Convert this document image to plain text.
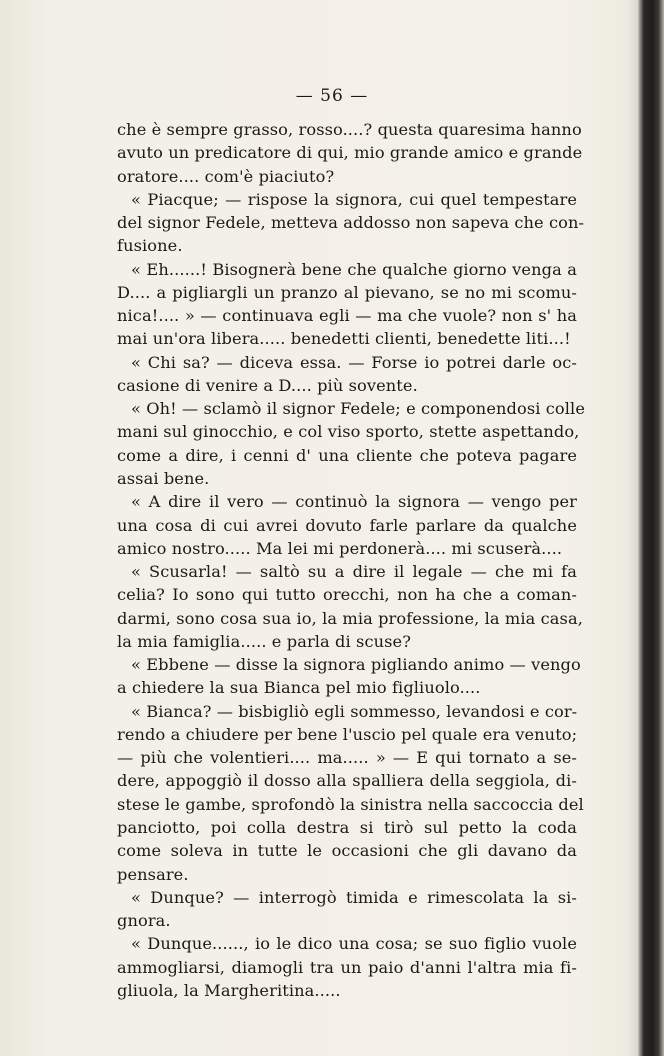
— 56 —
che è sempre grasso, rosso....? questa quaresima hanno
avuto un predicatore di qui, mio grande amico e grande
oratore.... com'è piaciuto?
« Piacque; — rispose la signora, cui quel tempestare
del signor Fedele, metteva addosso non sapeva che con-
fusione.
« Eh......! Bisognerà bene che qualche giorno venga a
D.... a pigliargli un pranzo al pievano, se no mi scomu-
nica!.... » — continuava egli — ma che vuole? non s' ha
mai un'ora libera..... benedetti clienti, benedette liti...!
« Chi sa? — diceva essa. — Forse io potrei darle oc-
casione di venire a D.... più sovente.
« Oh! — sclamò il signor Fedele; e componendosi colle
mani sul ginocchio, e col viso sporto, stette aspettando,
come a dire, i cenni d' una cliente che poteva pagare
assai bene.
« A dire il vero — continuò la signora — vengo per
una cosa di cui avrei dovuto farle parlare da qualche
amico nostro..... Ma lei mi perdonerà.... mi scuserà....
« Scusarla! — saltò su a dire il legale — che mi fa
celia? Io sono qui tutto orecchi, non ha che a coman-
darmi, sono cosa sua io, la mia professione, la mia casa,
la mia famiglia..... e parla di scuse?
« Ebbene — disse la signora pigliando animo — vengo
a chiedere la sua Bianca pel mio figliuolo....
« Bianca? — bisbigliò egli sommesso, levandosi e cor-
rendo a chiudere per bene l'uscio pel quale era venuto;
— più che volentieri.... ma..... » — E qui tornato a se-
dere, appoggiò il dosso alla spalliera della seggiola, di-
stese le gambe, sprofondò la sinistra nella saccoccia del
panciotto, poi colla destra si tirò sul petto la coda
come soleva in tutte le occasioni che gli davano da
pensare.
« Dunque? — interrogò timida e rimescolata la si-
gnora.
« Dunque......, io le dico una cosa; se suo figlio vuole
ammogliarsi, diamogli tra un paio d'anni l'altra mia fi-
gliuola, la Margheritina.....
